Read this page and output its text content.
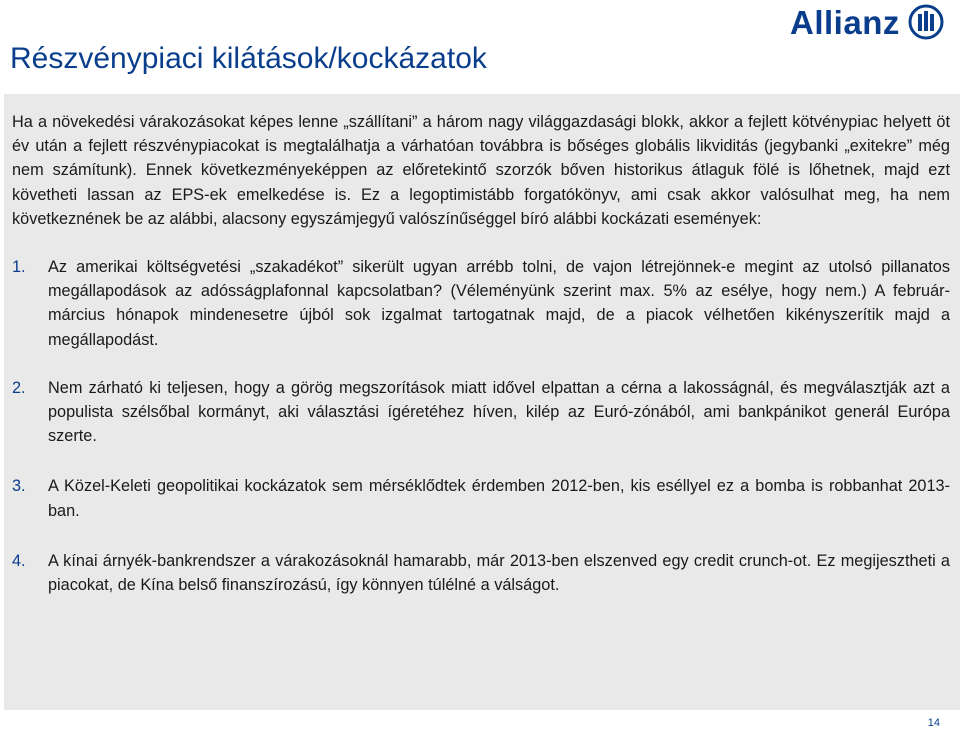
Allianz
Részvénypiaci kilátások/kockázatok

Ha a növekedési várakozásokat képes lenne „szállítani” a három nagy világgazdasági blokk, akkor a fejlett kötvénypiac helyett öt év után a fejlett részvénypiacokat is megtalálhatja a várhatóan továbbra is bőséges globális likviditás (jegybanki „exitekre” még nem számítunk). Ennek következményeképpen az előretekintő szorzók bőven historikus átlaguk fölé is lőhetnek, majd ezt követheti lassan az EPS-ek emelkedése is. Ez a legoptimistább forgatókönyv, ami csak akkor valósulhat meg, ha nem következnének be az alábbi, alacsony egyszámjegyű valószínűséggel bíró alábbi kockázati események:

1.	Az amerikai költségvetési „szakadékot” sikerült ugyan arrébb tolni, de vajon létrejönnek-e megint az utolsó pillanatos megállapodások az adósságplafonnal kapcsolatban? (Véleményünk szerint max. 5% az esélye, hogy nem.) A február-március hónapok mindenesetre újból sok izgalmat tartogatnak majd, de a piacok vélhetően kikényszerítik majd a megállapodást.
2.	Nem zárható ki teljesen, hogy a görög megszorítások miatt idővel elpattan a cérna a lakosságnál, és megválasztják azt a populista szélsőbal kormányt, aki választási ígéretéhez híven, kilép az Euró-zónából, ami bankpánikot generál Európa szerte.
3.	A Közel-Keleti geopolitikai kockázatok sem mérséklődtek érdemben 2012-ben, kis eséllyel ez a bomba is robbanhat 2013-ban.
4.	A kínai árnyék-bankrendszer a várakozásoknál hamarabb, már 2013-ben elszenved egy credit crunch-ot. Ez megijesztheti a piacokat, de Kína belső finanszírozású, így könnyen túlélné a válságot.
14
